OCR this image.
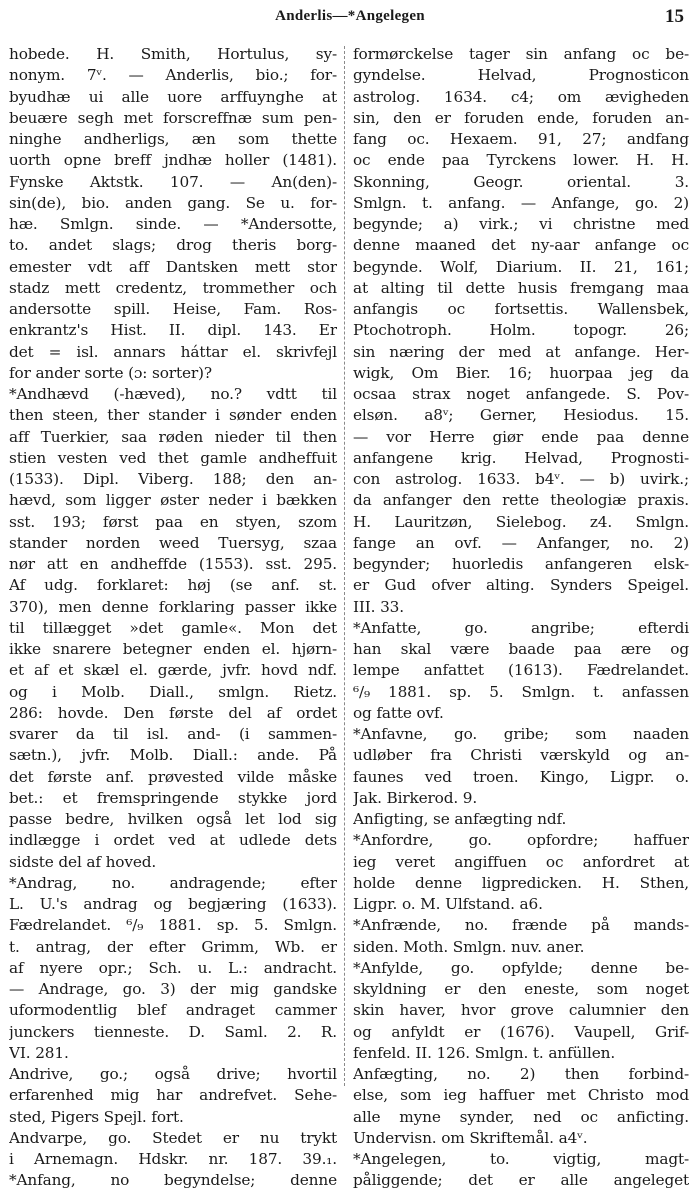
Anderlis—*Angelegen	15
hobede. H. Smith, Hortulus, sy-
nonym. 7ᵛ. — Anderlis, bio.; for-
byudhæ ui alle uore arffuynghe at
beuære segh met forscreffnæ sum pen-
ninghe andherligs, æn som thette
uorth opne breff jndhæ holler (1481).
Fynske Aktstk. 107. — An(den)-
sin(de), bio. anden gang. Se u. for-
hæ. Smlgn. sinde. — *Andersotte,
to. andet slags; drog theris borg-
emester vdt aff Dantsken mett stor
stadz mett credentz, trommether och
andersotte spill. Heise, Fam. Ros-
enkrantz's Hist. II. dipl. 143. Er
det = isl. annars háttar el. skrivfejl
for ander sorte (ɔ: sorter)?
*Andhævd (-hæved), no.? vdtt til
then steen, ther stander i sønder enden
aff Tuerkier, saa røden nieder til then
stien vesten ved thet gamle andheffuit
(1533). Dipl. Viberg. 188; den an-
hævd, som ligger øster neder i bækken
sst. 193; først paa en styen, szom
stander norden weed Tuersyg, szaa
nør att en andheffde (1553). sst. 295.
Af udg. forklaret: høj (se anf. st.
370), men denne forklaring passer ikke
til tillægget »det gamle«. Mon det
ikke snarere betegner enden el. hjørn-
et af et skæl el. gærde, jvfr. hovd ndf.
og i Molb. Diall., smlgn. Rietz.
286: hovde. Den første del af ordet
svarer da til isl. and- (i sammen-
sætn.), jvfr. Molb. Diall.: ande. På
det første anf. prøvested vilde måske
bet.: et fremspringende stykke jord
passe bedre, hvilken også let lod sig
indlægge i ordet ved at udlede dets
sidste del af hoved.
*Andrag, no. andragende; efter
L. U.'s andrag og begjæring (1633).
Fædrelandet. ⁶/₉ 1881. sp. 5. Smlgn.
t. antrag, der efter Grimm, Wb. er
af nyere opr.; Sch. u. L.: andracht.
— Andrage, go. 3) der mig gandske
uformodentlig blef andraget cammer
junckers tienneste. D. Saml. 2. R.
VI. 281.
Andrive, go.; også drive; hvortil
erfarenhed mig har andrefvet. Sehe-
sted, Pigers Spejl. fort.
Andvarpe, go. Stedet er nu trykt
i Arnemagn. Hdskr. nr. 187. 39.₁.
*Anfang, no begyndelse; denne
formørckelse tager sin anfang oc be-
gyndelse. Helvad, Prognosticon
astrolog. 1634. c4; om ævigheden
sin, den er foruden ende, foruden an-
fang oc. Hexaem. 91, 27; andfang
oc ende paa Tyrckens lower. H. H.
Skonning, Geogr. oriental. 3.
Smlgn. t. anfang. — Anfange, go. 2)
begynde; a) virk.; vi christne med
denne maaned det ny-aar anfange oc
begynde. Wolf, Diarium. II. 21, 161;
at alting til dette husis fremgang maa
anfangis oc fortsettis. Wallensbek,
Ptochotroph. Holm. topogr. 26;
sin næring der med at anfange. Her-
wigk, Om Bier. 16; huorpaa jeg da
ocsaa strax noget anfangede. S. Pov-
elsøn. a8ᵛ; Gerner, Hesiodus. 15.
— vor Herre giør ende paa denne
anfangene krig. Helvad, Prognosti-
con astrolog. 1633. b4ᵛ. — b) uvirk.;
da anfanger den rette theologiæ praxis.
H. Lauritzøn, Sielebog. z4. Smlgn.
fange an ovf. — Anfanger, no. 2)
begynder; huorledis anfangeren elsk-
er Gud ofver alting. Synders Speigel.
III. 33.
*Anfatte, go. angribe; efterdi
han skal være baade paa ære og
lempe anfattet (1613). Fædrelandet.
⁶/₉ 1881. sp. 5. Smlgn. t. anfassen
og fatte ovf.
*Anfavne, go. gribe; som naaden
udløber fra Christi værskyld og an-
faunes ved troen. Kingo, Ligpr. o.
Jak. Birkerod. 9.
Anfigting, se anfægting ndf.
*Anfordre, go. opfordre; haffuer
ieg veret angiffuen oc anfordret at
holde denne ligpredicken. H. Sthen,
Ligpr. o. M. Ulfstand. a6.
*Anfrænde, no. frænde på mands-
siden. Moth. Smlgn. nuv. aner.
*Anfylde, go. opfylde; denne be-
skyldning er den eneste, som noget
skin haver, hvor grove calumnier den
og anfyldt er (1676). Vaupell, Grif-
fenfeld. II. 126. Smlgn. t. anfüllen.
Anfægting, no. 2) then forbind-
else, som ieg haffuer met Christo mod
alle myne synder, ned oc anficting.
Undervisn. om Skriftemål. a4ᵛ.
*Angelegen, to. vigtig, magt-
påliggende; det er alle angeleget
